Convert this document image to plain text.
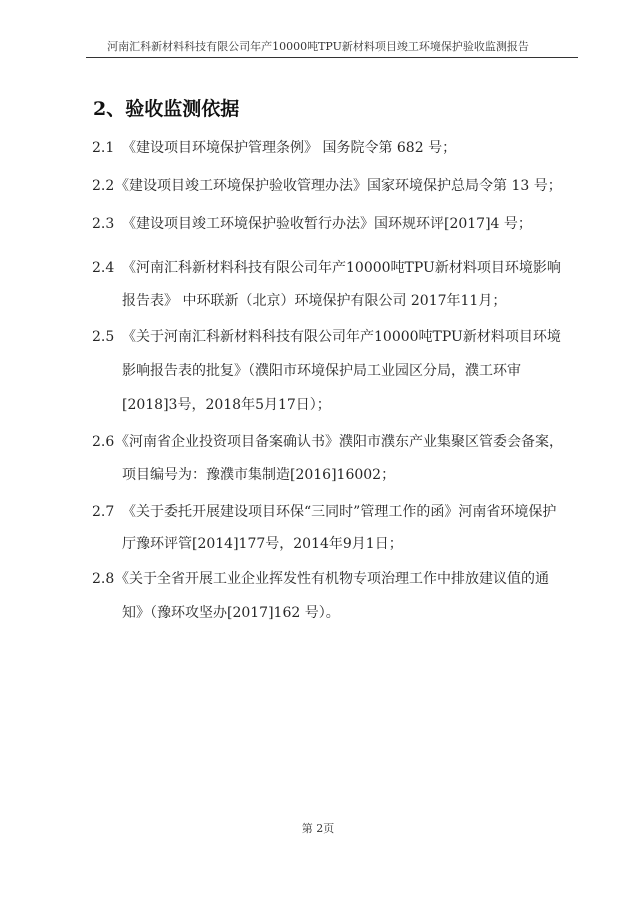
河南汇科新材料科技有限公司年产10000吨TPU新材料项目竣工环境保护验收监测报告
2、验收监测依据
2.1 《建设项目环境保护管理条例》 国务院令第 682 号；
2.2 《建设项目竣工环境保护验收管理办法》国家环境保护总局令第 13 号；
2.3 《建设项目竣工环境保护验收暂行办法》国环规环评[2017]4 号；
2.4 《河南汇科新材料科技有限公司年产10000吨TPU新材料项目环境影响
报告表》 中环联新（北京）环境保护有限公司 2017年11月；
2.5 《关于河南汇科新材料科技有限公司年产10000吨TPU新材料项目环境
影响报告表的批复》（濮阳市环境保护局工业园区分局，濮工环审
[2018]3号，2018年5月17日）；
2.6 《河南省企业投资项目备案确认书》濮阳市濮东产业集聚区管委会备案，
项目编号为：豫濮市集制造[2016]16002；
2.7 《关于委托开展建设项目环保“三同时”管理工作的函》河南省环境保护
厅豫环评管[2014]177号，2014年9月1日；
2.8 《关于全省开展工业企业挥发性有机物专项治理工作中排放建议值的通
知》（豫环攻坚办[2017]162 号）。
第 2页
